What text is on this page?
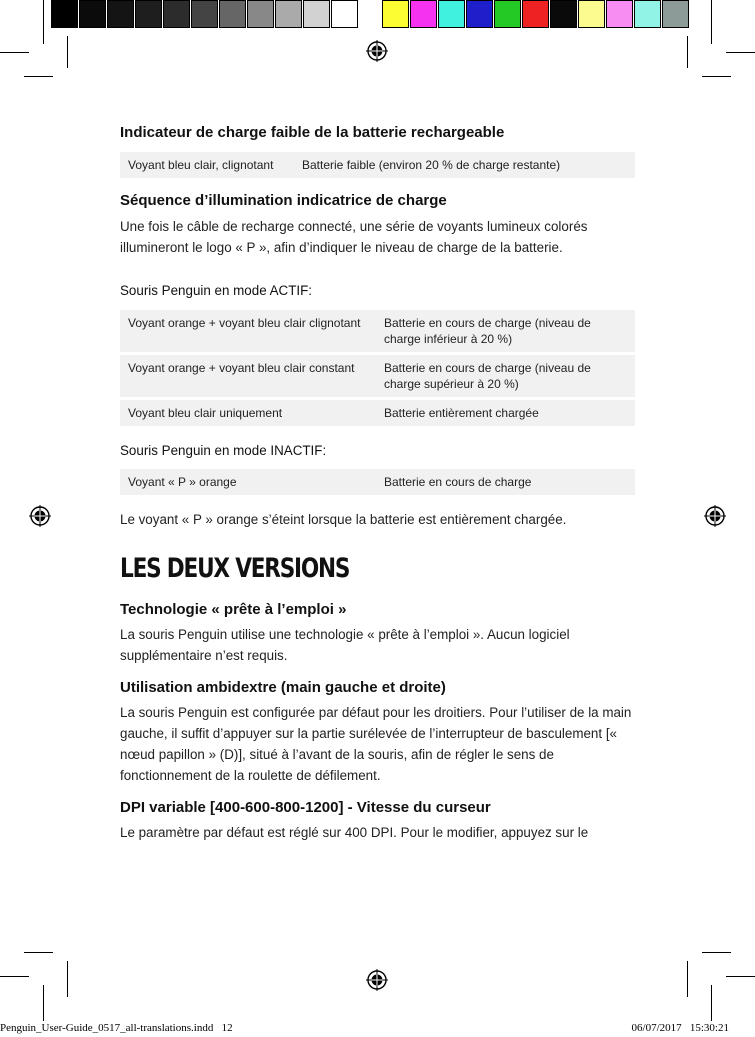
Penguin_User-Guide_0517_all-translations.indd   12	06/07/2017   15:30:21
Indicateur de charge faible de la batterie rechargeable
Voyant bleu clair, clignotant	Batterie faible (environ 20 % de charge restante)
Séquence d’illumination indicatrice de charge

Une fois le câble de recharge connecté, une série de voyants lumineux colorés illumineront le logo « P », afin d’indiquer le niveau de charge de la batterie.

Souris Penguin en mode ACTIF:

Voyant orange + voyant bleu clair clignotant	Batterie en cours de charge (niveau de charge inférieur à 20 %)
Voyant orange + voyant bleu clair constant	Batterie en cours de charge (niveau de charge supérieur à 20 %)
Voyant bleu clair uniquement	Batterie entièrement chargée

Souris Penguin en mode INACTIF:

Voyant « P » orange	Batterie en cours de charge

Le voyant « P » orange s’éteint lorsque la batterie est entièrement chargée.

LES DEUX VERSIONS
Technologie « prête à l’emploi »

La souris Penguin utilise une technologie « prête à l’emploi ». Aucun logiciel supplémentaire n’est requis.

Utilisation ambidextre (main gauche et droite)

La souris Penguin est configurée par défaut pour les droitiers. Pour l’utiliser de la main gauche, il suffit d’appuyer sur la partie surélevée de l’interrupteur de basculement [« nœud papillon » (D)], situé à l’avant de la souris, afin de régler le sens de fonctionnement de la roulette de défilement.

DPI variable [400-600-800-1200] - Vitesse du curseur

Le paramètre par défaut est réglé sur 400 DPI. Pour le modifier, appuyez sur le
